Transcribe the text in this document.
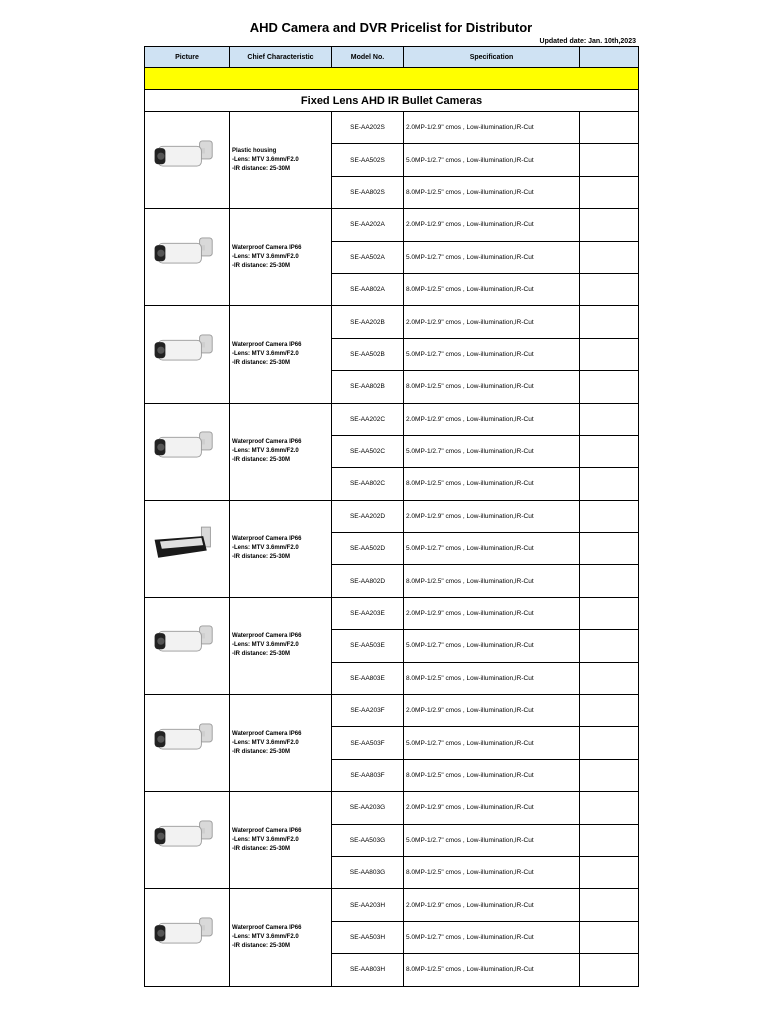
AHD Camera and DVR Pricelist for Distributor
Updated date: Jan. 10th,2023
Picture	Chief Characteristic	Model No.	Specification	

Fixed Lens AHD IR Bullet Cameras				

Plastic housing
-Lens: MTV 3.6mm/F2.0
-IR distance: 25-30M	SE-AA202S	2.0MP-1/2.9" cmos , Low-illumination,IR-Cut	
		SE-AA502S	5.0MP-1/2.7" cmos , Low-illumination,IR-Cut	
		SE-AA802S	8.0MP-1/2.5" cmos , Low-illumination,IR-Cut	

Waterproof Camera IP66
-Lens: MTV 3.6mm/F2.0
-IR distance: 25-30M	SE-AA202A	2.0MP-1/2.9" cmos , Low-illumination,IR-Cut	
		SE-AA502A	5.0MP-1/2.7" cmos , Low-illumination,IR-Cut	
		SE-AA802A	8.0MP-1/2.5" cmos , Low-illumination,IR-Cut	

Waterproof Camera IP66
-Lens: MTV 3.6mm/F2.0
-IR distance: 25-30M	SE-AA202B	2.0MP-1/2.9" cmos , Low-illumination,IR-Cut	
		SE-AA502B	5.0MP-1/2.7" cmos , Low-illumination,IR-Cut	
		SE-AA802B	8.0MP-1/2.5" cmos , Low-illumination,IR-Cut	

Waterproof Camera IP66
-Lens: MTV 3.6mm/F2.0
-IR distance: 25-30M	SE-AA202C	2.0MP-1/2.9" cmos , Low-illumination,IR-Cut	
		SE-AA502C	5.0MP-1/2.7" cmos , Low-illumination,IR-Cut	
		SE-AA802C	8.0MP-1/2.5" cmos , Low-illumination,IR-Cut	

Waterproof Camera IP66
-Lens: MTV 3.6mm/F2.0
-IR distance: 25-30M	SE-AA202D	2.0MP-1/2.9" cmos , Low-illumination,IR-Cut	
		SE-AA502D	5.0MP-1/2.7" cmos , Low-illumination,IR-Cut	
		SE-AA802D	8.0MP-1/2.5" cmos , Low-illumination,IR-Cut	

Waterproof Camera IP66
-Lens: MTV 3.6mm/F2.0
-IR distance: 25-30M	SE-AA203E	2.0MP-1/2.9" cmos , Low-illumination,IR-Cut	
		SE-AA503E	5.0MP-1/2.7" cmos , Low-illumination,IR-Cut	
		SE-AA803E	8.0MP-1/2.5" cmos , Low-illumination,IR-Cut	

Waterproof Camera IP66
-Lens: MTV 3.6mm/F2.0
-IR distance: 25-30M	SE-AA203F	2.0MP-1/2.9" cmos , Low-illumination,IR-Cut	
		SE-AA503F	5.0MP-1/2.7" cmos , Low-illumination,IR-Cut	
		SE-AA803F	8.0MP-1/2.5" cmos , Low-illumination,IR-Cut	

Waterproof Camera IP66
-Lens: MTV 3.6mm/F2.0
-IR distance: 25-30M	SE-AA203G	2.0MP-1/2.9" cmos , Low-illumination,IR-Cut	
		SE-AA503G	5.0MP-1/2.7" cmos , Low-illumination,IR-Cut	
		SE-AA803G	8.0MP-1/2.5" cmos , Low-illumination,IR-Cut	

Waterproof Camera IP66
-Lens: MTV 3.6mm/F2.0
-IR distance: 25-30M	SE-AA203H	2.0MP-1/2.9" cmos , Low-illumination,IR-Cut	
		SE-AA503H	5.0MP-1/2.7" cmos , Low-illumination,IR-Cut	
		SE-AA803H	8.0MP-1/2.5" cmos , Low-illumination,IR-Cut	
